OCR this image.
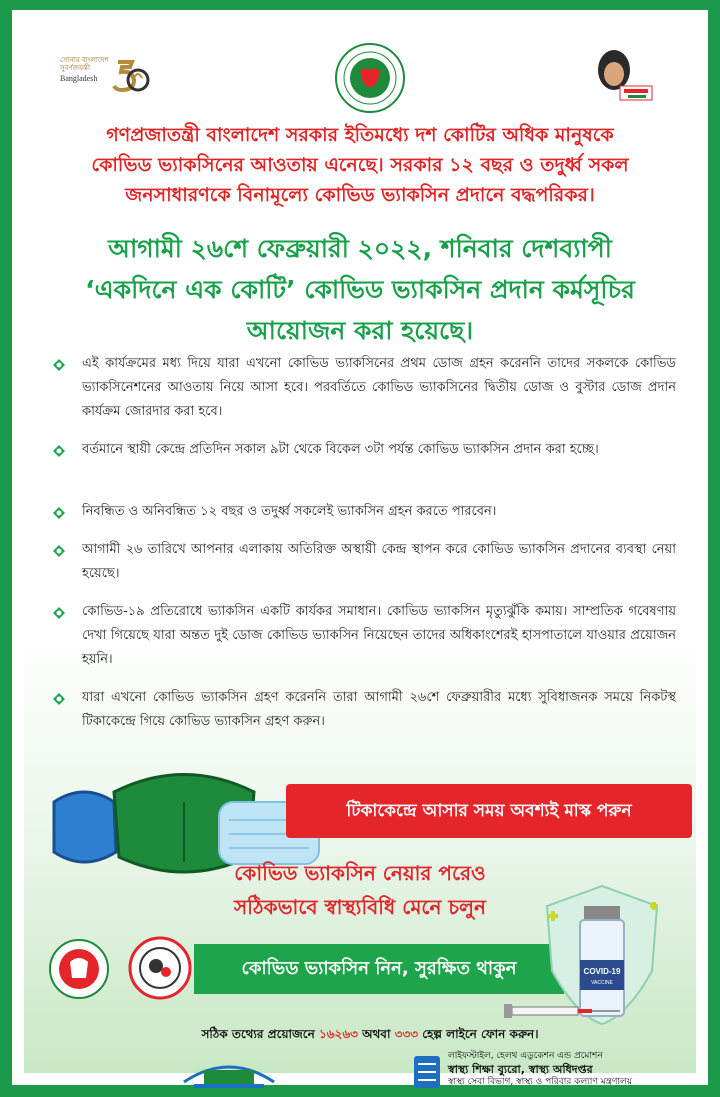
সোনার বাংলাদেশ সুবর্ণজয়ন্তী
Bangladesh
গণপ্রজাতন্ত্রী বাংলাদেশ সরকার ইতিমধ্যে দশ কোটির অধিক মানুষকে
কোভিড ভ্যাকসিনের আওতায় এনেছে। সরকার ১২ বছর ও তদুর্ধ্ব সকল
জনসাধারণকে বিনামূল্যে কোভিড ভ্যাকসিন প্রদানে বদ্ধপরিকর।
আগামী ২৬শে ফেব্রুয়ারী ২০২২, শনিবার দেশব্যাপী
‘একদিনে এক কোটি’ কোভিড ভ্যাকসিন প্রদান কর্মসূচির
আয়োজন করা হয়েছে।
এই কার্যক্রমের মধ্য দিয়ে যারা এখনো কোভিড ভ্যাকসিনের প্রথম ডোজ গ্রহন করেননি তাদের সকলকে কোভিড ভ্যাকসিনেশনের আওতায় নিয়ে আসা হবে। পরবর্তিতে কোভিড ভ্যাকসিনের দ্বিতীয় ডোজ ও বুস্টার ডোজ প্রদান কার্যক্রম জোরদার করা হবে।
বর্তমানে স্থায়ী কেন্দ্রে প্রতিদিন সকাল ৯টা থেকে বিকেল ৩টা পর্যন্ত কোভিড ভ্যাকসিন প্রদান করা হচ্ছে।
নিবন্ধিত ও অনিবন্ধিত ১২ বছর ও তদুর্ধ্ব সকলেই ভ্যাকসিন গ্রহন করতে পারবেন।
আগামী ২৬ তারিখে আপনার এলাকায় অতিরিক্ত অস্থায়ী কেন্দ্র স্থাপন করে কোভিড ভ্যাকসিন প্রদানের ব্যবস্থা নেয়া হয়েছে।
কোভিড-১৯ প্রতিরোধে ভ্যাকসিন একটি কার্যকর সমাধান। কোভিড ভ্যাকসিন মৃত্যুঝুঁকি কমায়। সাম্প্রতিক গবেষণায় দেখা গিয়েছে যারা অন্তত দুই ডোজ কোভিড ভ্যাকসিন নিয়েছেন তাদের অধিকাংশেরই হাসপাতালে যাওয়ার প্রয়োজন হয়নি।
যারা এখনো কোভিড ভ্যাকসিন গ্রহণ করেননি তারা আগামী ২৬শে ফেব্রুয়ারীর মধ্যে সুবিধাজনক সময়ে নিকটস্থ টিকাকেন্দ্রে গিয়ে কোভিড ভ্যাকসিন গ্রহণ করুন।
টিকাকেন্দ্রে আসার সময় অবশ্যই মাস্ক পরুন
কোভিড ভ্যাকসিন নেয়ার পরেও
সঠিকভাবে স্বাস্থ্যবিধি মেনে চলুন
কোভিড ভ্যাকসিন নিন, সুরক্ষিত থাকুন	COVID-19
VACCINE
সঠিক তথ্যের প্রয়োজনে ১৬২৬৩ অথবা ৩৩৩ হেল্প লাইনে ফোন করুন।
লাইফস্টাইল, হেলথ এডুকেশন এন্ড প্রমোশন
স্বাস্থ্য শিক্ষা ব্যুরো, স্বাস্থ্য অধিদপ্তর
স্বাস্থ্য সেবা বিভাগ, স্বাস্থ্য ও পরিবার কল্যাণ মন্ত্রণালয়
